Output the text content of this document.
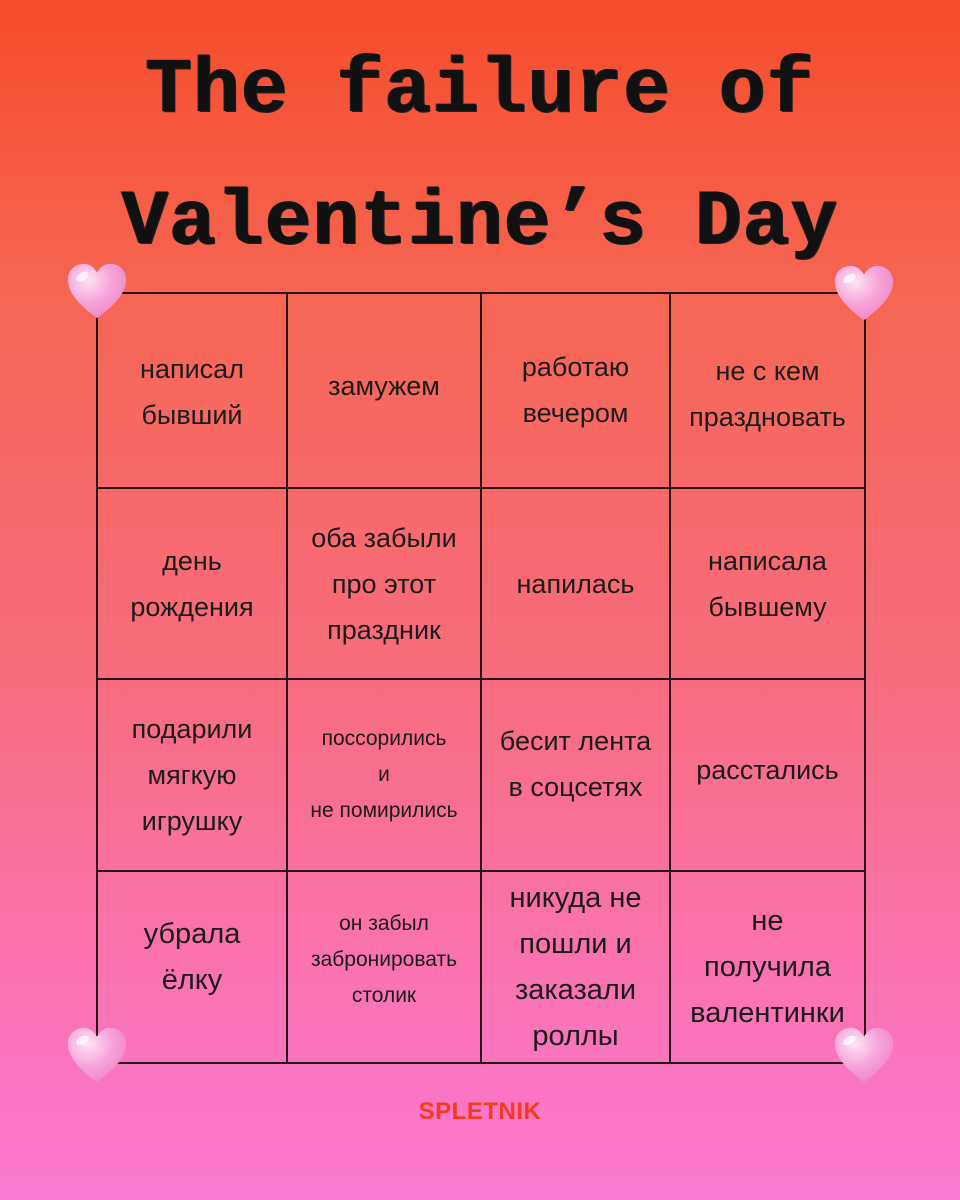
The failure of
Valentine’s Day
написал
бывший
замужем
работаю
вечером
не с кем
праздновать
день
рождения
оба забыли
про этот
праздник
напилась
написала
бывшему
подарили
мягкую
игрушку
поссорились
и
не помирились
бесит лента
в соцсетях
расстались
убрала
ёлку
он забыл
забронировать
столик
никуда не
пошли и
заказали
роллы
не
получила
валентинки
SPLETNIK
